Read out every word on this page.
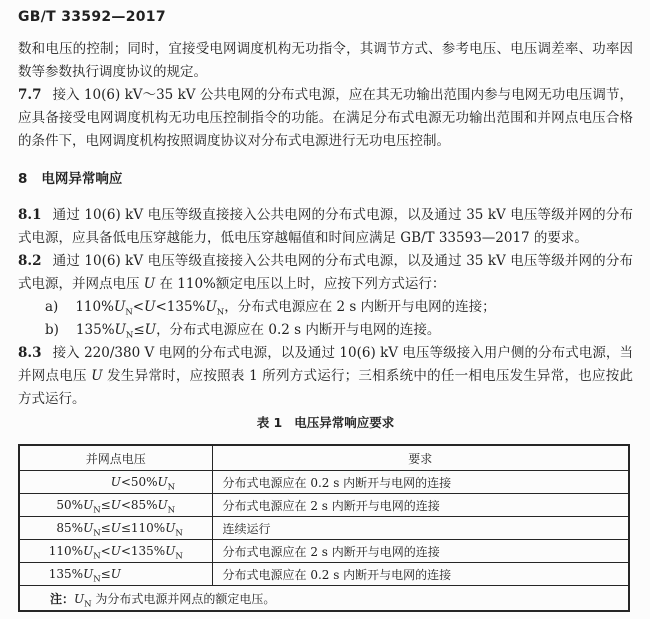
GB/T 33592—2017

数和电压的控制；同时，宜接受电网调度机构无功指令，其调节方式、参考电压、电压调差率、功率因数等参数执行调度协议的规定。

7.7 接入 10(6) kV～35 kV 公共电网的分布式电源，应在其无功输出范围内参与电网无功电压调节，应具备接受电网调度机构无功电压控制指令的功能。在满足分布式电源无功输出范围和并网点电压合格的条件下，电网调度机构按照调度协议对分布式电源进行无功电压控制。

8 电网异常响应

8.1 通过 10(6) kV 电压等级直接接入公共电网的分布式电源，以及通过 35 kV 电压等级并网的分布式电源，应具备低电压穿越能力，低电压穿越幅值和时间应满足 GB/T 33593—2017 的要求。

8.2 通过 10(6) kV 电压等级直接接入公共电网的分布式电源，以及通过 35 kV 电压等级并网的分布式电源，并网点电压 U 在 110%额定电压以上时，应按下列方式运行：

a) $110\%U_N<U<135\%U_N$，分布式电源应在 2 s 内断开与电网的连接；

b) $135\%U_N\le U$，分布式电源应在 0.2 s 内断开与电网的连接。

8.3 接入 220/380 V 电网的分布式电源，以及通过 10(6) kV 电压等级接入用户侧的分布式电源，当并网点电压 U 发生异常时，应按照表 1 所列方式运行；三相系统中的任一相电压发生异常，也应按此方式运行。

表 1 电压异常响应要求

并网点电压	要求

$U <50\%U_N$	分布式电源应在 0.2 s 内断开与电网的连接

$50\%U_N\le U <85\%U_N$	分布式电源应在 2 s 内断开与电网的连接

$85\%U_N\le U \le 110\%U_N$	连续运行

$110\%U_N< U <135\%U_N$	分布式电源应在 2 s 内断开与电网的连接

$135\%U_N\le U$	分布式电源应在 0.2 s 内断开与电网的连接
注：$U_N$ 为分布式电源并网点的额定电压。	
